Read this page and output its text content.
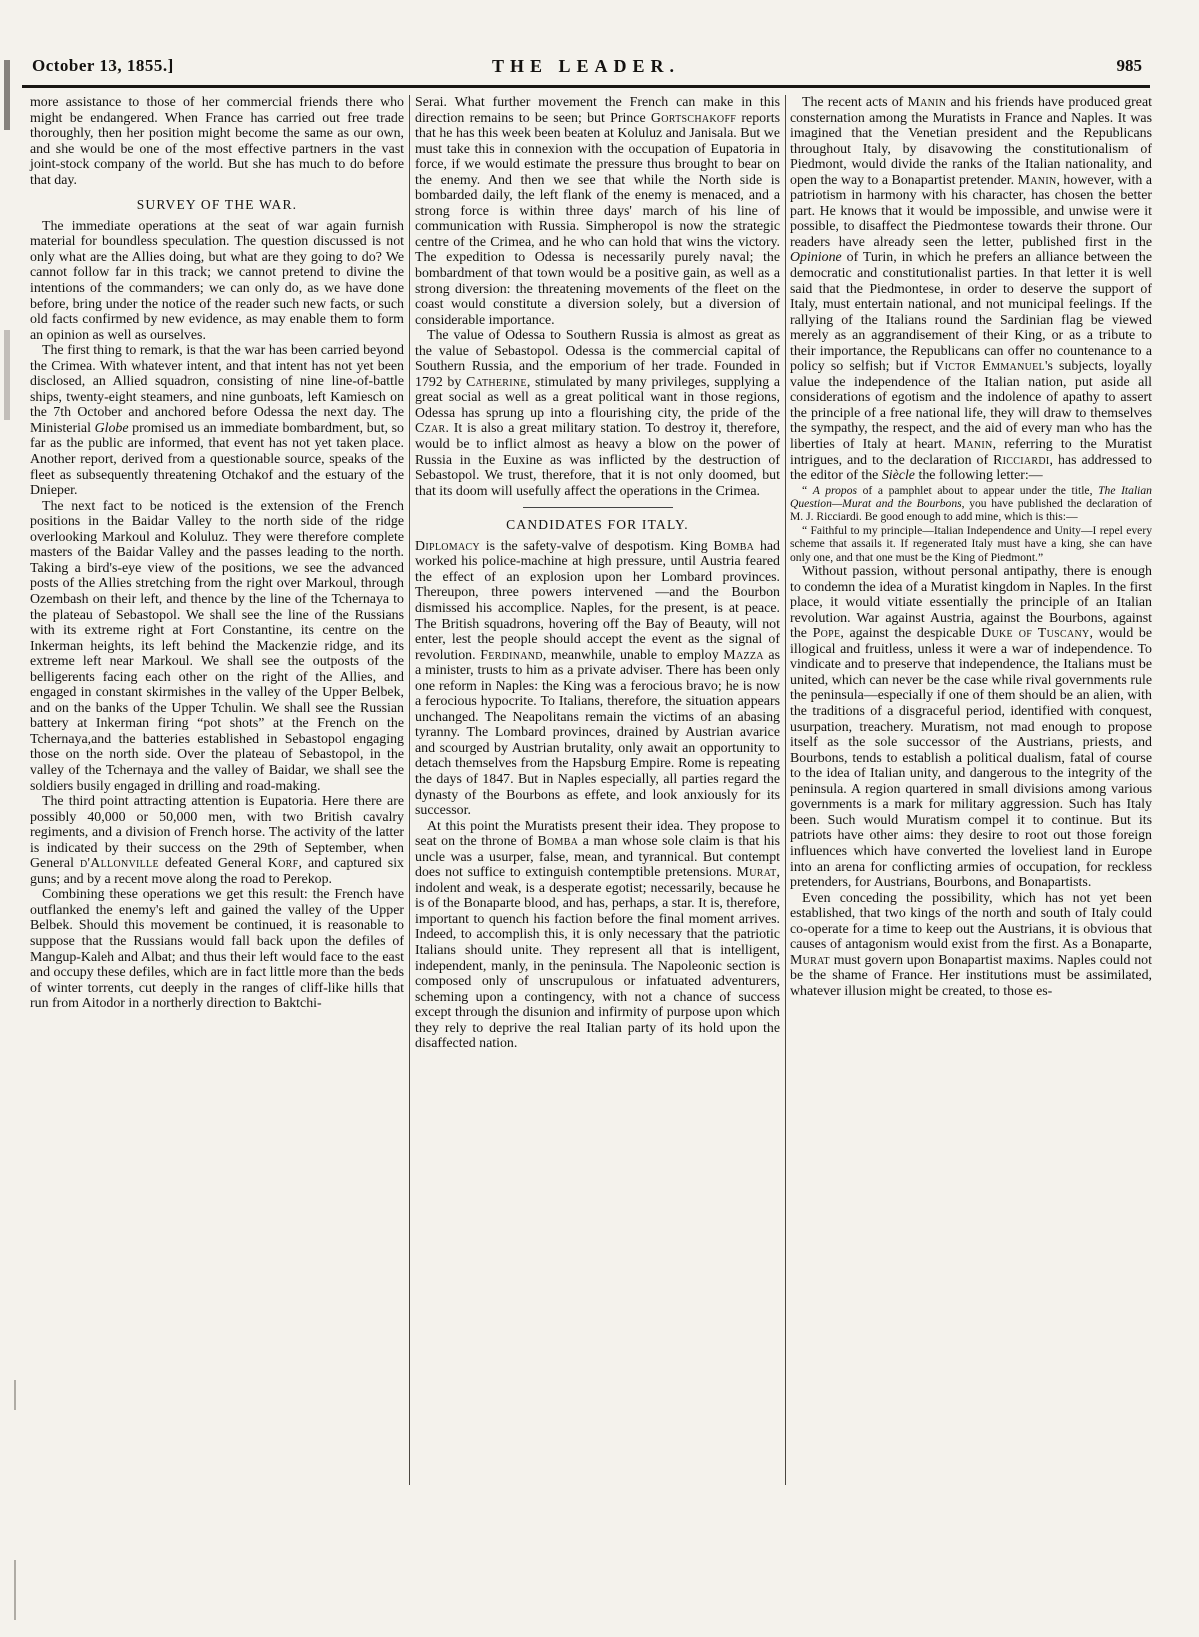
October 13, 1855.]	THE LEADER.	985

more assistance to those of her commercial friends there who might be endangered. When France has carried out free trade thoroughly, then her position might become the same as our own, and she would be one of the most effective partners in the vast joint-stock company of the world. But she has much to do before that day.

SURVEY OF THE WAR.

The immediate operations at the seat of war again furnish material for boundless speculation. The question discussed is not only what are the Allies doing, but what are they going to do? We cannot follow far in this track; we cannot pretend to divine the intentions of the commanders; we can only do, as we have done before, bring under the notice of the reader such new facts, or such old facts confirmed by new evidence, as may enable them to form an opinion as well as ourselves.

The first thing to remark, is that the war has been carried beyond the Crimea. With whatever intent, and that intent has not yet been disclosed, an Allied squadron, consisting of nine line-of-battle ships, twenty-eight steamers, and nine gunboats, left Kamiesch on the 7th October and anchored before Odessa the next day. The Ministerial Globe promised us an immediate bombardment, but, so far as the public are informed, that event has not yet taken place. Another report, derived from a questionable source, speaks of the fleet as subsequently threatening Otchakof and the estuary of the Dnieper.

The next fact to be noticed is the extension of the French positions in the Baidar Valley to the north side of the ridge overlooking Markoul and Koluluz. They were therefore complete masters of the Baidar Valley and the passes leading to the north. Taking a bird's-eye view of the positions, we see the advanced posts of the Allies stretching from the right over Markoul, through Ozembash on their left, and thence by the line of the Tchernaya to the plateau of Sebastopol. We shall see the line of the Russians with its extreme right at Fort Constantine, its centre on the Inkerman heights, its left behind the Mackenzie ridge, and its extreme left near Markoul. We shall see the outposts of the belligerents facing each other on the right of the Allies, and engaged in constant skirmishes in the valley of the Upper Belbek, and on the banks of the Upper Tchulin. We shall see the Russian battery at Inkerman firing “pot shots” at the French on the Tchernaya,and the batteries established in Sebastopol engaging those on the north side. Over the plateau of Sebastopol, in the valley of the Tchernaya and the valley of Baidar, we shall see the soldiers busily engaged in drilling and road-making.

The third point attracting attention is Eupatoria. Here there are possibly 40,000 or 50,000 men, with two British cavalry regiments, and a division of French horse. The activity of the latter is indicated by their success on the 29th of September, when General d'Allonville defeated General Korf, and captured six guns; and by a recent move along the road to Perekop.

Combining these operations we get this result: the French have outflanked the enemy's left and gained the valley of the Upper Belbek. Should this movement be continued, it is reasonable to suppose that the Russians would fall back upon the defiles of Mangup-Kaleh and Albat; and thus their left would face to the east and occupy these defiles, which are in fact little more than the beds of winter torrents, cut deeply in the ranges of cliff-like hills that run from Aitodor in a northerly direction to Baktchi-

Serai. What further movement the French can make in this direction remains to be seen; but Prince Gortschakoff reports that he has this week been beaten at Koluluz and Janisala. But we must take this in connexion with the occupation of Eupatoria in force, if we would estimate the pressure thus brought to bear on the enemy. And then we see that while the North side is bombarded daily, the left flank of the enemy is menaced, and a strong force is within three days' march of his line of communication with Russia. Simpheropol is now the strategic centre of the Crimea, and he who can hold that wins the victory. The expedition to Odessa is necessarily purely naval; the bombardment of that town would be a positive gain, as well as a strong diversion: the threatening movements of the fleet on the coast would constitute a diversion solely, but a diversion of considerable importance.

The value of Odessa to Southern Russia is almost as great as the value of Sebastopol. Odessa is the commercial capital of Southern Russia, and the emporium of her trade. Founded in 1792 by Catherine, stimulated by many privileges, supplying a great social as well as a great political want in those regions, Odessa has sprung up into a flourishing city, the pride of the Czar. It is also a great military station. To destroy it, therefore, would be to inflict almost as heavy a blow on the power of Russia in the Euxine as was inflicted by the destruction of Sebastopol. We trust, therefore, that it is not only doomed, but that its doom will usefully affect the operations in the Crimea.

CANDIDATES FOR ITALY.

Diplomacy is the safety-valve of despotism. King Bomba had worked his police-machine at high pressure, until Austria feared the effect of an explosion upon her Lombard provinces. Thereupon, three powers intervened —and the Bourbon dismissed his accomplice. Naples, for the present, is at peace. The British squadrons, hovering off the Bay of Beauty, will not enter, lest the people should accept the event as the signal of revolution. Ferdinand, meanwhile, unable to employ Mazza as a minister, trusts to him as a private adviser. There has been only one reform in Naples: the King was a ferocious bravo; he is now a ferocious hypocrite. To Italians, therefore, the situation appears unchanged. The Neapolitans remain the victims of an abasing tyranny. The Lombard provinces, drained by Austrian avarice and scourged by Austrian brutality, only await an opportunity to detach themselves from the Hapsburg Empire. Rome is repeating the days of 1847. But in Naples especially, all parties regard the dynasty of the Bourbons as effete, and look anxiously for its successor.

At this point the Muratists present their idea. They propose to seat on the throne of Bomba a man whose sole claim is that his uncle was a usurper, false, mean, and tyrannical. But contempt does not suffice to extinguish contemptible pretensions. Murat, indolent and weak, is a desperate egotist; necessarily, because he is of the Bonaparte blood, and has, perhaps, a star. It is, therefore, important to quench his faction before the final moment arrives. Indeed, to accomplish this, it is only necessary that the patriotic Italians should unite. They represent all that is intelligent, independent, manly, in the peninsula. The Napoleonic section is composed only of unscrupulous or infatuated adventurers, scheming upon a contingency, with not a chance of success except through the disunion and infirmity of purpose upon which they rely to deprive the real Italian party of its hold upon the disaffected nation.

The recent acts of Manin and his friends have produced great consternation among the Muratists in France and Naples. It was imagined that the Venetian president and the Republicans throughout Italy, by disavowing the constitutionalism of Piedmont, would divide the ranks of the Italian nationality, and open the way to a Bonapartist pretender. Manin, however, with a patriotism in harmony with his character, has chosen the better part. He knows that it would be impossible, and unwise were it possible, to disaffect the Piedmontese towards their throne. Our readers have already seen the letter, published first in the Opinione of Turin, in which he prefers an alliance between the democratic and constitutionalist parties. In that letter it is well said that the Piedmontese, in order to deserve the support of Italy, must entertain national, and not municipal feelings. If the rallying of the Italians round the Sardinian flag be viewed merely as an aggrandisement of their King, or as a tribute to their importance, the Republicans can offer no countenance to a policy so selfish; but if Victor Emmanuel's subjects, loyally value the independence of the Italian nation, put aside all considerations of egotism and the indolence of apathy to assert the principle of a free national life, they will draw to themselves the sympathy, the respect, and the aid of every man who has the liberties of Italy at heart. Manin, referring to the Muratist intrigues, and to the declaration of Ricciardi, has addressed to the editor of the Siècle the following letter:—

“ A propos of a pamphlet about to appear under the title, The Italian Question—Murat and the Bourbons, you have published the declaration of M. J. Ricciardi. Be good enough to add mine, which is this:—

“ Faithful to my principle—Italian Independence and Unity—I repel every scheme that assails it. If regenerated Italy must have a king, she can have only one, and that one must be the King of Piedmont.”

Without passion, without personal antipathy, there is enough to condemn the idea of a Muratist kingdom in Naples. In the first place, it would vitiate essentially the principle of an Italian revolution. War against Austria, against the Bourbons, against the Pope, against the despicable Duke of Tuscany, would be illogical and fruitless, unless it were a war of independence. To vindicate and to preserve that independence, the Italians must be united, which can never be the case while rival governments rule the peninsula—especially if one of them should be an alien, with the traditions of a disgraceful period, identified with conquest, usurpation, treachery. Muratism, not mad enough to propose itself as the sole successor of the Austrians, priests, and Bourbons, tends to establish a political dualism, fatal of course to the idea of Italian unity, and dangerous to the integrity of the peninsula. A region quartered in small divisions among various governments is a mark for military aggression. Such has Italy been. Such would Muratism compel it to continue. But its patriots have other aims: they desire to root out those foreign influences which have converted the loveliest land in Europe into an arena for conflicting armies of occupation, for reckless pretenders, for Austrians, Bourbons, and Bonapartists.

Even conceding the possibility, which has not yet been established, that two kings of the north and south of Italy could co-operate for a time to keep out the Austrians, it is obvious that causes of antagonism would exist from the first. As a Bonaparte, Murat must govern upon Bonapartist maxims. Naples could not be the shame of France. Her institutions must be assimilated, whatever illusion might be created, to those es-
